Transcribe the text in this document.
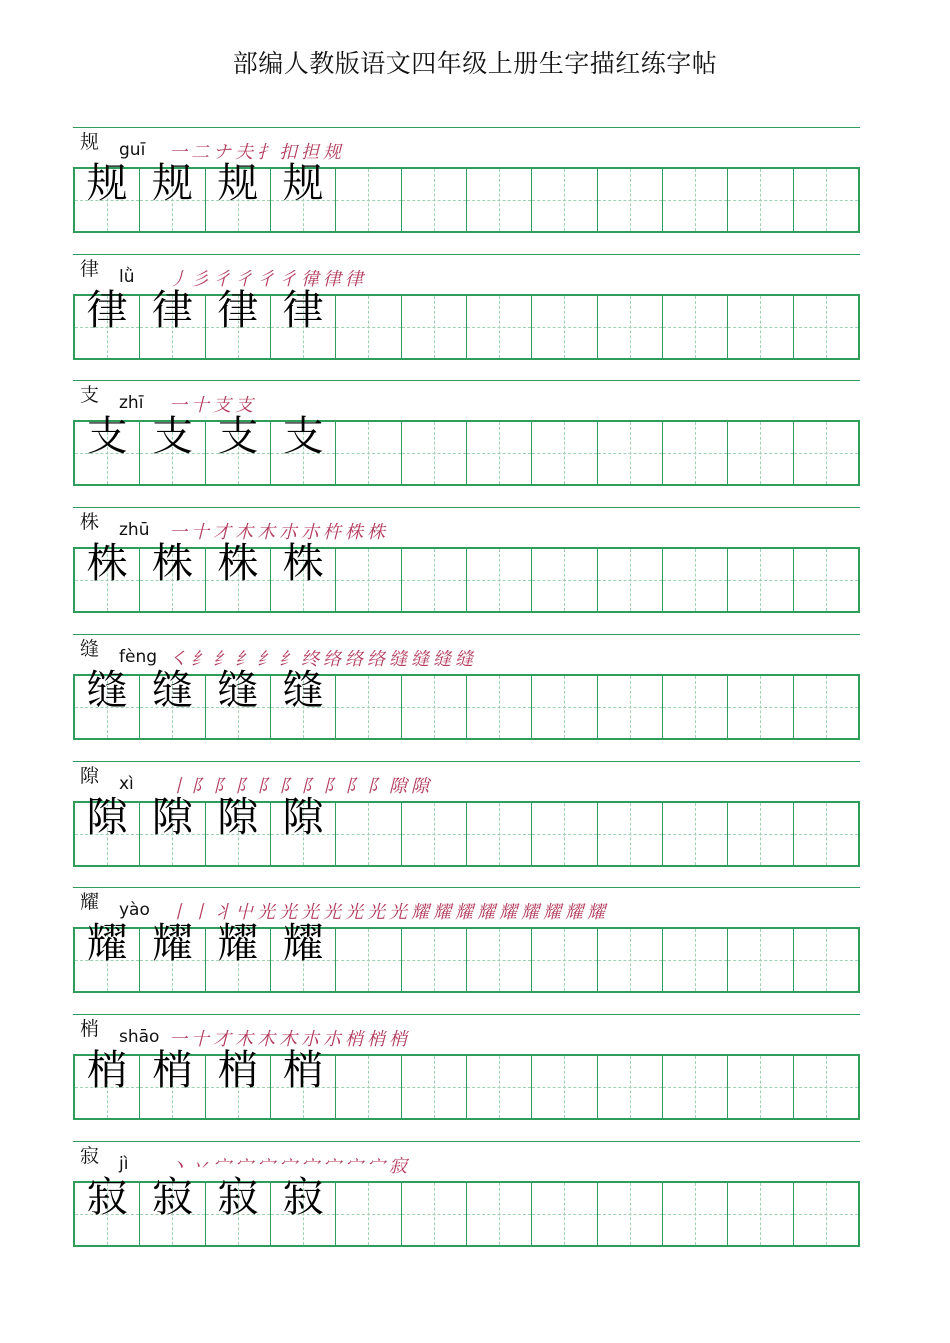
部编人教版语文四年级上册生字描红练字帖
规 guī 一 二 ナ 夫 扌 扣 担 规
规 规 规 规
律 lǜ 丿 彡 彳 彳 彳 彳 徫 律 律
律 律 律 律
支 zhī 一 十 支 支
支 支 支 支
株 zhū 一 十 才 木 木 朩 朩 杵 株 株
株 株 株 株
缝 fèng ㇛ 纟 纟 纟 纟 纟 终 络 络 络 缝 缝 缝 缝
缝 缝 缝 缝
隙 xì 丨 阝 阝 阝 阝 阝 阝 阝 阝 阝 隙 隙
隙 隙 隙 隙
耀 yào 丨 丨 丬 屮 光 光 光 光 光 光 光 耀 耀 耀 耀 耀 耀 耀 耀 耀
耀 耀 耀 耀
梢 shāo 一 十 才 木 木 木 朩 朩 梢 梢 梢
梢 梢 梢 梢
寂 jì 丶 丷 宀 宀 宀 宀 宀 宀 宀 宀 寂
寂 寂 寂 寂
